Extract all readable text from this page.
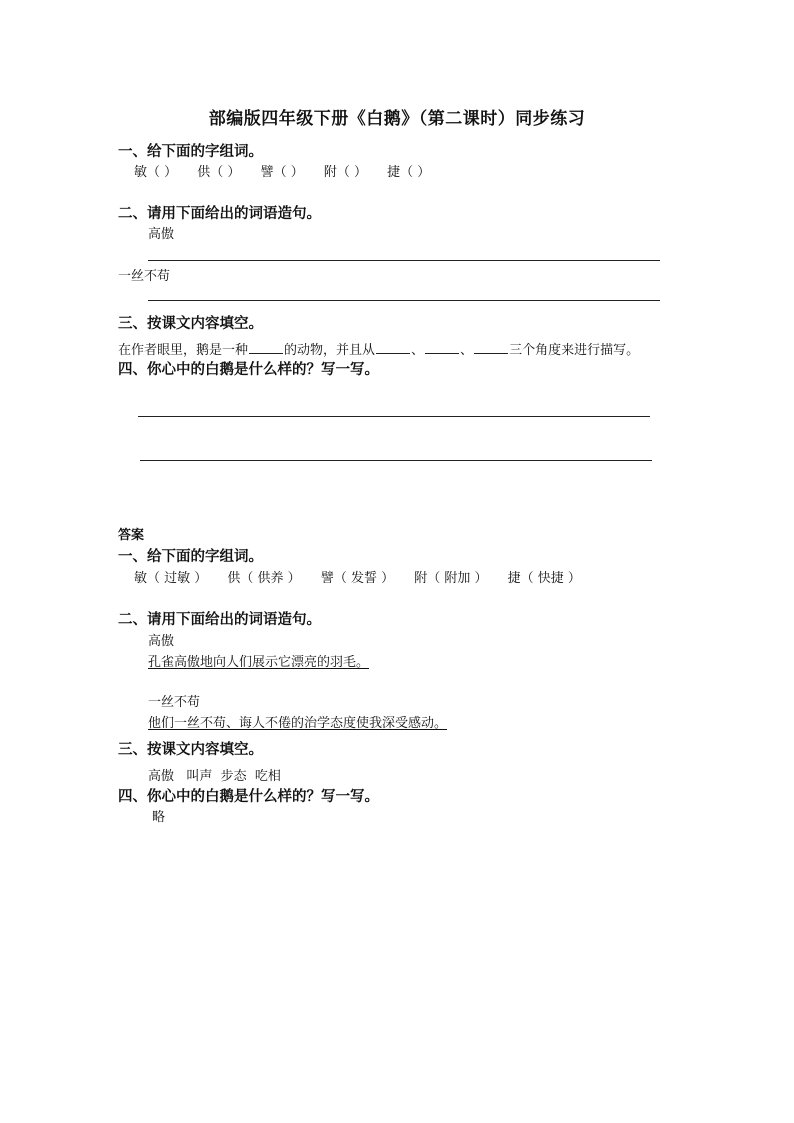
部编版四年级下册《白鹅》（第二课时）同步练习
一、给下面的字组词。
敏（ ） 供（ ） 譬（ ） 附（ ） 捷（ ）
二、请用下面给出的词语造句。
高傲
一丝不苟
三、按课文内容填空。
在作者眼里，鹅是一种	的动物，并且从	、	、	三个角度来进行描写。
四、你心中的白鹅是什么样的？写一写。
答案
一、给下面的字组词。
敏（ 过敏 ） 供（ 供养 ） 譬（ 发誓 ） 附（ 附加 ） 捷（ 快捷 ）
二、请用下面给出的词语造句。
高傲
孔雀高傲地向人们展示它漂亮的羽毛。
一丝不苟
他们一丝不苟、诲人不倦的治学态度使我深受感动。
三、按课文内容填空。
高傲   叫声  步态  吃相
四、你心中的白鹅是什么样的？写一写。
略
